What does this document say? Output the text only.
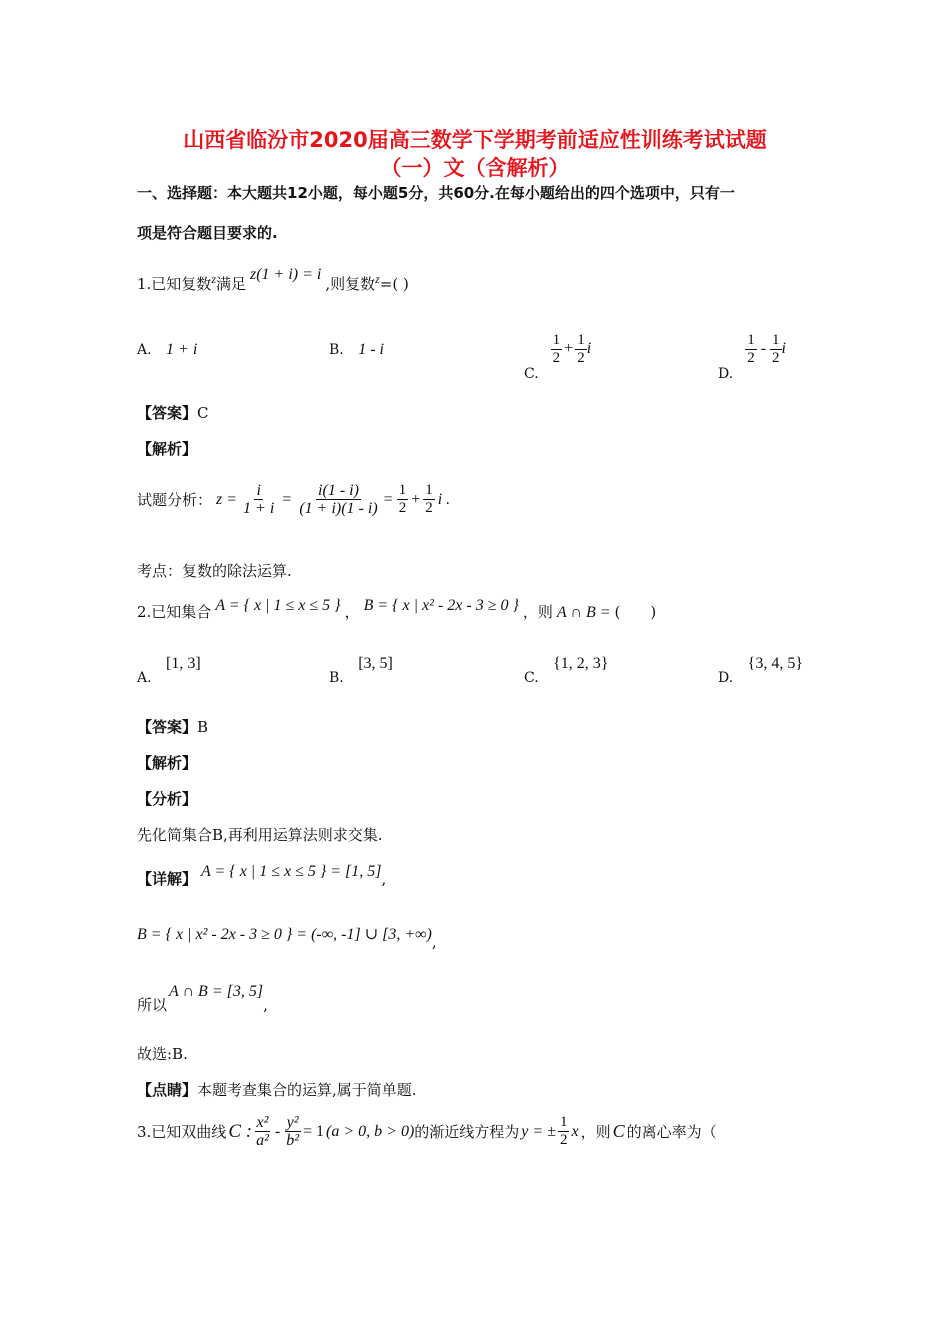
山西省临汾市2020届高三数学下学期考前适应性训练考试试题
（一）文（含解析）
一、选择题：本大题共12小题，每小题5分，共60分.在每小题给出的四个选项中，只有一
项是符合题目要求的.
1.已知复数$^z$满足z(1 + i) = i,则复数$^z$=( )
A. 1 + i	B. 1 - i
C.
$\frac{1}{2} + \frac{1}{2}$ i
D.
$\frac{1}{2} - \frac{1}{2}$ i
【答案】C
【解析】
试题分析： $z = \frac{i}{1 + i} = \frac{i(1 - i)}{(1 + i)(1 - i)} = \frac{1}{2} + \frac{1}{2}$ i .
考点：复数的除法运算.
2.已知集合 A = { x | 1 ≤ x ≤ 5 } ， B = { x | x² - 2x - 3 ≥ 0 } ，则 A ∩ B = (　　)
A. [1, 3]
B. [3, 5]
C. {1, 2, 3}
D. {3, 4, 5}
【答案】B
【解析】
【分析】
先化简集合B,再利用运算法则求交集.
【详解】 A = { x | 1 ≤ x ≤ 5 } = [1, 5],
B = { x | x² - 2x - 3 ≥ 0 } = (-∞, -1] ∪ [3, +∞),
所以A ∩ B = [3, 5],
故选:B.
【点睛】本题考查集合的运算,属于简单题.
3.已知双曲线 C : $\frac{\text{x²}}{\text{a²}} - \frac{\text{y²}}{\text{b²}} = 1$ (a > 0, b > 0) 的渐近线方程为 y = ± $\frac{1}{2}$ x ，则 C 的离心率为（
